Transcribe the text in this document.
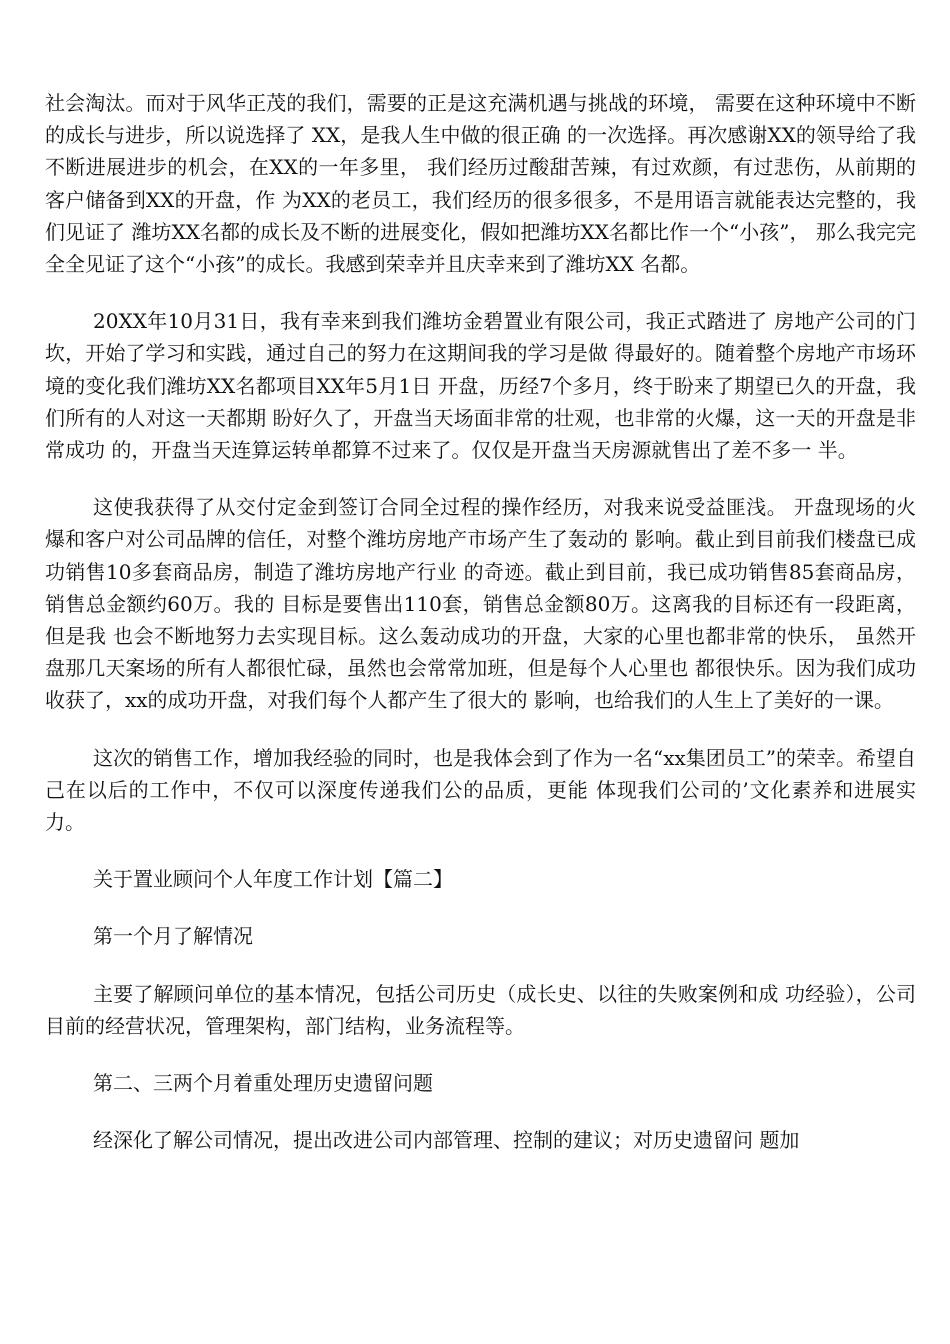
社会淘汰。而对于风华正茂的我们，需要的正是这充满机遇与挑战的环境， 需要在这种环境中不断的成长与进步，所以说选择了 XX，是我人生中做的很正确 的一次选择。再次感谢XX的领导给了我不断进展进步的机会，在XX的一年多里， 我们经历过酸甜苦辣，有过欢颜，有过悲伤，从前期的客户储备到XX的开盘，作 为XX的老员工，我们经历的很多很多，不是用语言就能表达完整的，我们见证了 潍坊XX名都的成长及不断的进展变化，假如把潍坊XX名都比作一个“小孩”， 那么我完完全全见证了这个“小孩”的成长。我感到荣幸并且庆幸来到了潍坊XX 名都。

20XX年10月31日，我有幸来到我们潍坊金碧置业有限公司，我正式踏进了 房地产公司的门坎，开始了学习和实践，通过自己的努力在这期间我的学习是做 得最好的。随着整个房地产市场环境的变化我们潍坊XX名都项目XX年5月1日 开盘，历经7个多月，终于盼来了期望已久的开盘，我们所有的人对这一天都期 盼好久了，开盘当天场面非常的壮观，也非常的火爆，这一天的开盘是非常成功 的，开盘当天连算运转单都算不过来了。仅仅是开盘当天房源就售出了差不多一 半。

这使我获得了从交付定金到签订合同全过程的操作经历，对我来说受益匪浅。 开盘现场的火爆和客户对公司品牌的信任，对整个潍坊房地产市场产生了轰动的 影响。截止到目前我们楼盘已成功销售10多套商品房，制造了潍坊房地产行业 的奇迹。截止到目前，我已成功销售85套商品房，销售总金额约60万。我的 目标是要售出110套，销售总金额80万。这离我的目标还有一段距离，但是我 也会不断地努力去实现目标。这么轰动成功的开盘，大家的心里也都非常的快乐， 虽然开盘那几天案场的所有人都很忙碌，虽然也会常常加班，但是每个人心里也 都很快乐。因为我们成功收获了，xx的成功开盘，对我们每个人都产生了很大的 影响，也给我们的人生上了美好的一课。

这次的销售工作，增加我经验的同时，也是我体会到了作为一名“xx集团员工”的荣幸。希望自己在以后的工作中，不仅可以深度传递我们公的品质，更能 体现我们公司的’文化素养和进展实力。

关于置业顾问个人年度工作计划【篇二】

第一个月了解情况

主要了解顾问单位的基本情况，包括公司历史（成长史、以往的失败案例和成 功经验），公司目前的经营状况，管理架构，部门结构，业务流程等。

第二、三两个月着重处理历史遗留问题

经深化了解公司情况，提出改进公司内部管理、控制的建议；对历史遗留问 题加
